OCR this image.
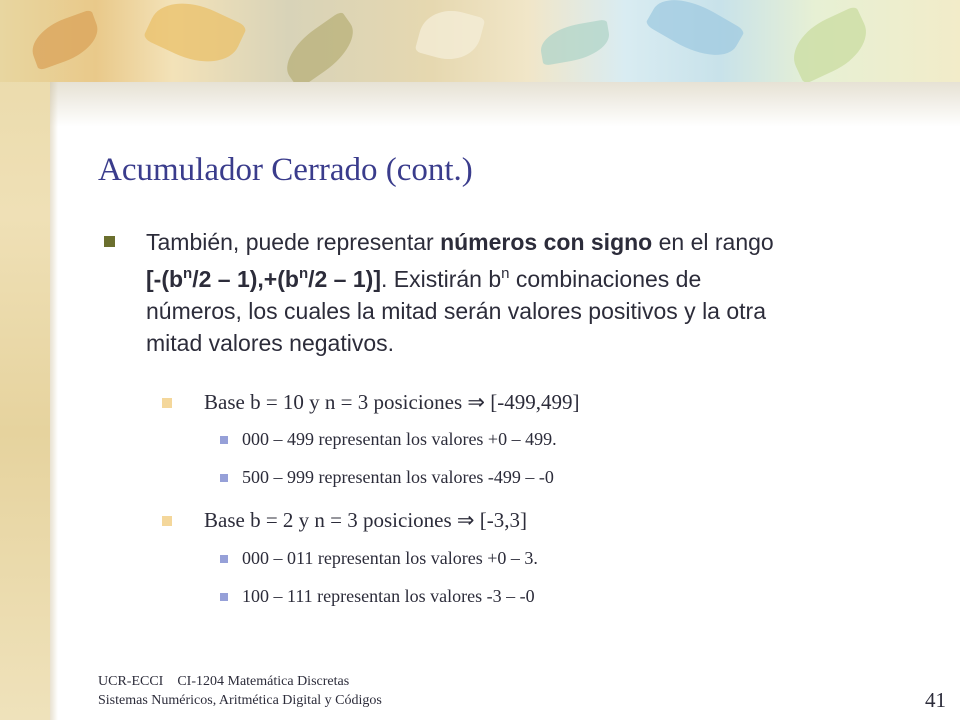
Acumulador Cerrado (cont.)
También, puede representar números con signo en el rango
$[-(b^n/2 - 1),+(b^n/2 - 1)]$. Existirán $b^n$ combinaciones de
números, los cuales la mitad serán valores positivos y la otra
mitad valores negativos.
Base b = 10 y n = 3 posiciones ⇒ [-499,499]
000 – 499 representan los valores +0 – 499.
500 – 999 representan los valores -499 – -0
Base b = 2 y n = 3 posiciones ⇒ [-3,3]
000 – 011 representan los valores +0 – 3.
100 – 111 representan los valores -3 – -0
UCR-ECCI    CI-1204 Matemática Discretas
Sistemas Numéricos, Aritmética Digital y Códigos	41
